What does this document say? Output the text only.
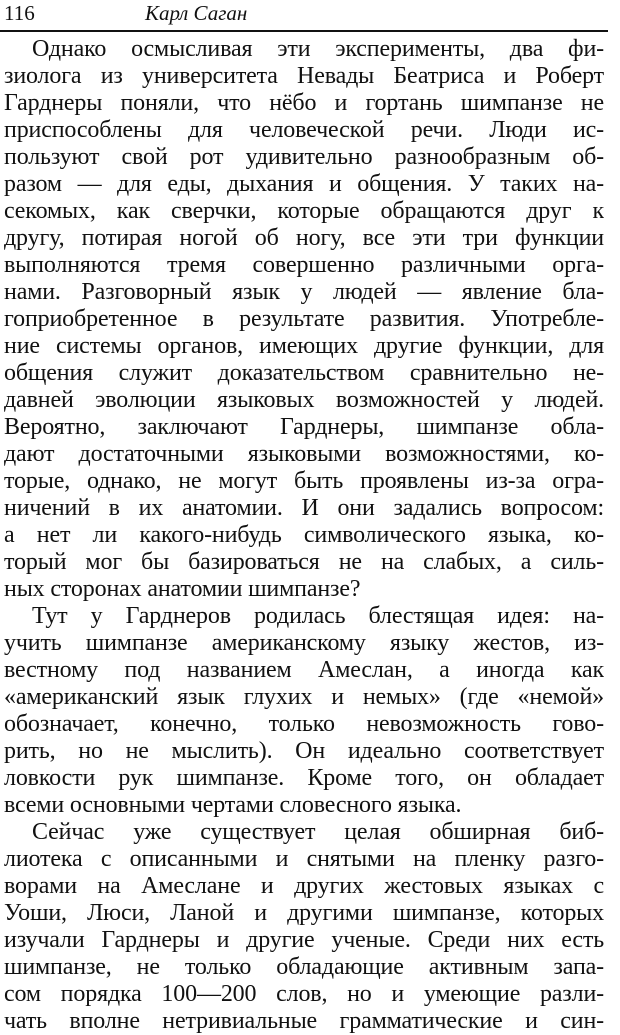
116	Карл Саган
Однако осмысливая эти эксперименты, два фи-
зиолога из университета Невады Беатриса и Роберт
Гарднеры поняли, что нёбо и гортань шимпанзе не
приспособлены для человеческой речи. Люди ис-
пользуют свой рот удивительно разнообразным об-
разом — для еды, дыхания и общения. У таких на-
секомых, как сверчки, которые обращаются друг к
другу, потирая ногой об ногу, все эти три функции
выполняются тремя совершенно различными орга-
нами. Разговорный язык у людей — явление бла-
гоприобретенное в результате развития. Употребле-
ние системы органов, имеющих другие функции, для
общения служит доказательством сравнительно не-
давней эволюции языковых возможностей у людей.
Вероятно, заключают Гарднеры, шимпанзе обла-
дают достаточными языковыми возможностями, ко-
торые, однако, не могут быть проявлены из-за огра-
ничений в их анатомии. И они задались вопросом:
а нет ли какого-нибудь символического языка, ко-
торый мог бы базироваться не на слабых, а силь-
ных сторонах анатомии шимпанзе?
Тут у Гарднеров родилась блестящая идея: на-
учить шимпанзе американскому языку жестов, из-
вестному под названием Амеслан, а иногда как
«американский язык глухих и немых» (где «немой»
обозначает, конечно, только невозможность гово-
рить, но не мыслить). Он идеально соответствует
ловкости рук шимпанзе. Кроме того, он обладает
всеми основными чертами словесного языка.
Сейчас уже существует целая обширная биб-
лиотека с описанными и снятыми на пленку разго-
ворами на Амеслане и других жестовых языках с
Уоши, Люси, Ланой и другими шимпанзе, которых
изучали Гарднеры и другие ученые. Среди них есть
шимпанзе, не только обладающие активным запа-
сом порядка 100—200 слов, но и умеющие разли-
чать вполне нетривиальные грамматические и син-
